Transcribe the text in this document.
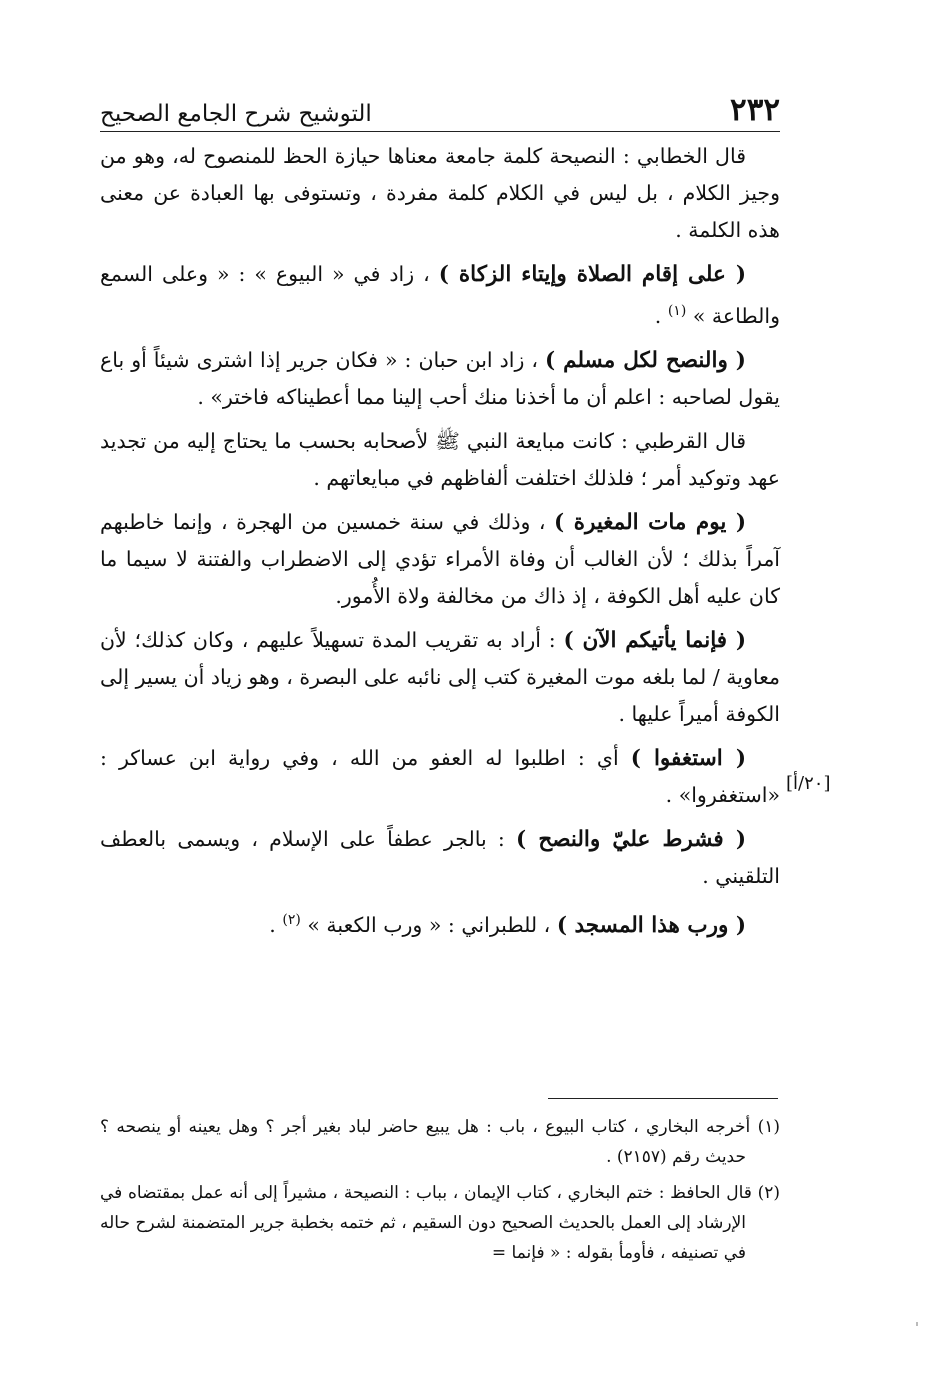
٢٣٢
التوشيح شرح الجامع الصحيح

قال الخطابي : النصيحة كلمة جامعة معناها حيازة الحظ للمنصوح له، وهو من وجيز الكلام ، بل ليس في الكلام كلمة مفردة ، وتستوفى بها العبادة عن معنى هذه الكلمة .

( على إقام الصلاة وإيتاء الزكاة ) ، زاد في « البيوع » : « وعلى السمع والطاعة » $^{(١)}$ .

( والنصح لكل مسلم ) ، زاد ابن حبان : « فكان جرير إذا اشترى شيئاً أو باع يقول لصاحبه : اعلم أن ما أخذنا منك أحب إلينا مما أعطيناكه فاختر» .

قال القرطبي : كانت مبايعة النبي ﷺ لأصحابه بحسب ما يحتاج إليه من تجديد عهد وتوكيد أمر ؛ فلذلك اختلفت ألفاظهم في مبايعاتهم .

( يوم مات المغيرة ) ، وذلك في سنة خمسين من الهجرة ، وإنما خاطبهم آمراً بذلك ؛ لأن الغالب أن وفاة الأمراء تؤدي إلى الاضطراب والفتنة لا سيما ما كان عليه أهل الكوفة ، إذ ذاك من مخالفة ولاة الأُمور.

( فإنما يأتيكم الآن ) : أراد به تقريب المدة تسهيلاً عليهم ، وكان كذلك؛ لأن معاوية / لما بلغه موت المغيرة كتب إلى نائبه على البصرة ، وهو زياد أن يسير إلى الكوفة أميراً عليها .

( استغفوا ) أي : اطلبوا له العفو من الله ، وفي رواية ابن عساكر : «استغفروا» .

( فشرط عليّ والنصح ) : بالجر عطفاً على الإسلام ، ويسمى بالعطف التلقيني .

( ورب هذا المسجد ) ، للطبراني : « ورب الكعبة » $^{(٢)}$ .

[٢٠/أ]

(١) أخرجه البخاري ، كتاب البيوع ، باب : هل يبيع حاضر لباد بغير أجر ؟ وهل يعينه أو ينصحه ؟ حديث رقم (٢١٥٧) .

(٢) قال الحافظ : ختم البخاري ، كتاب الإيمان ، بباب : النصيحة ، مشيراً إلى أنه عمل بمقتضاه في الإرشاد إلى العمل بالحديث الصحيح دون السقيم ، ثم ختمه بخطبة جرير المتضمنة لشرح حاله في تصنيفه ، فأومأ بقوله : « فإنما =
